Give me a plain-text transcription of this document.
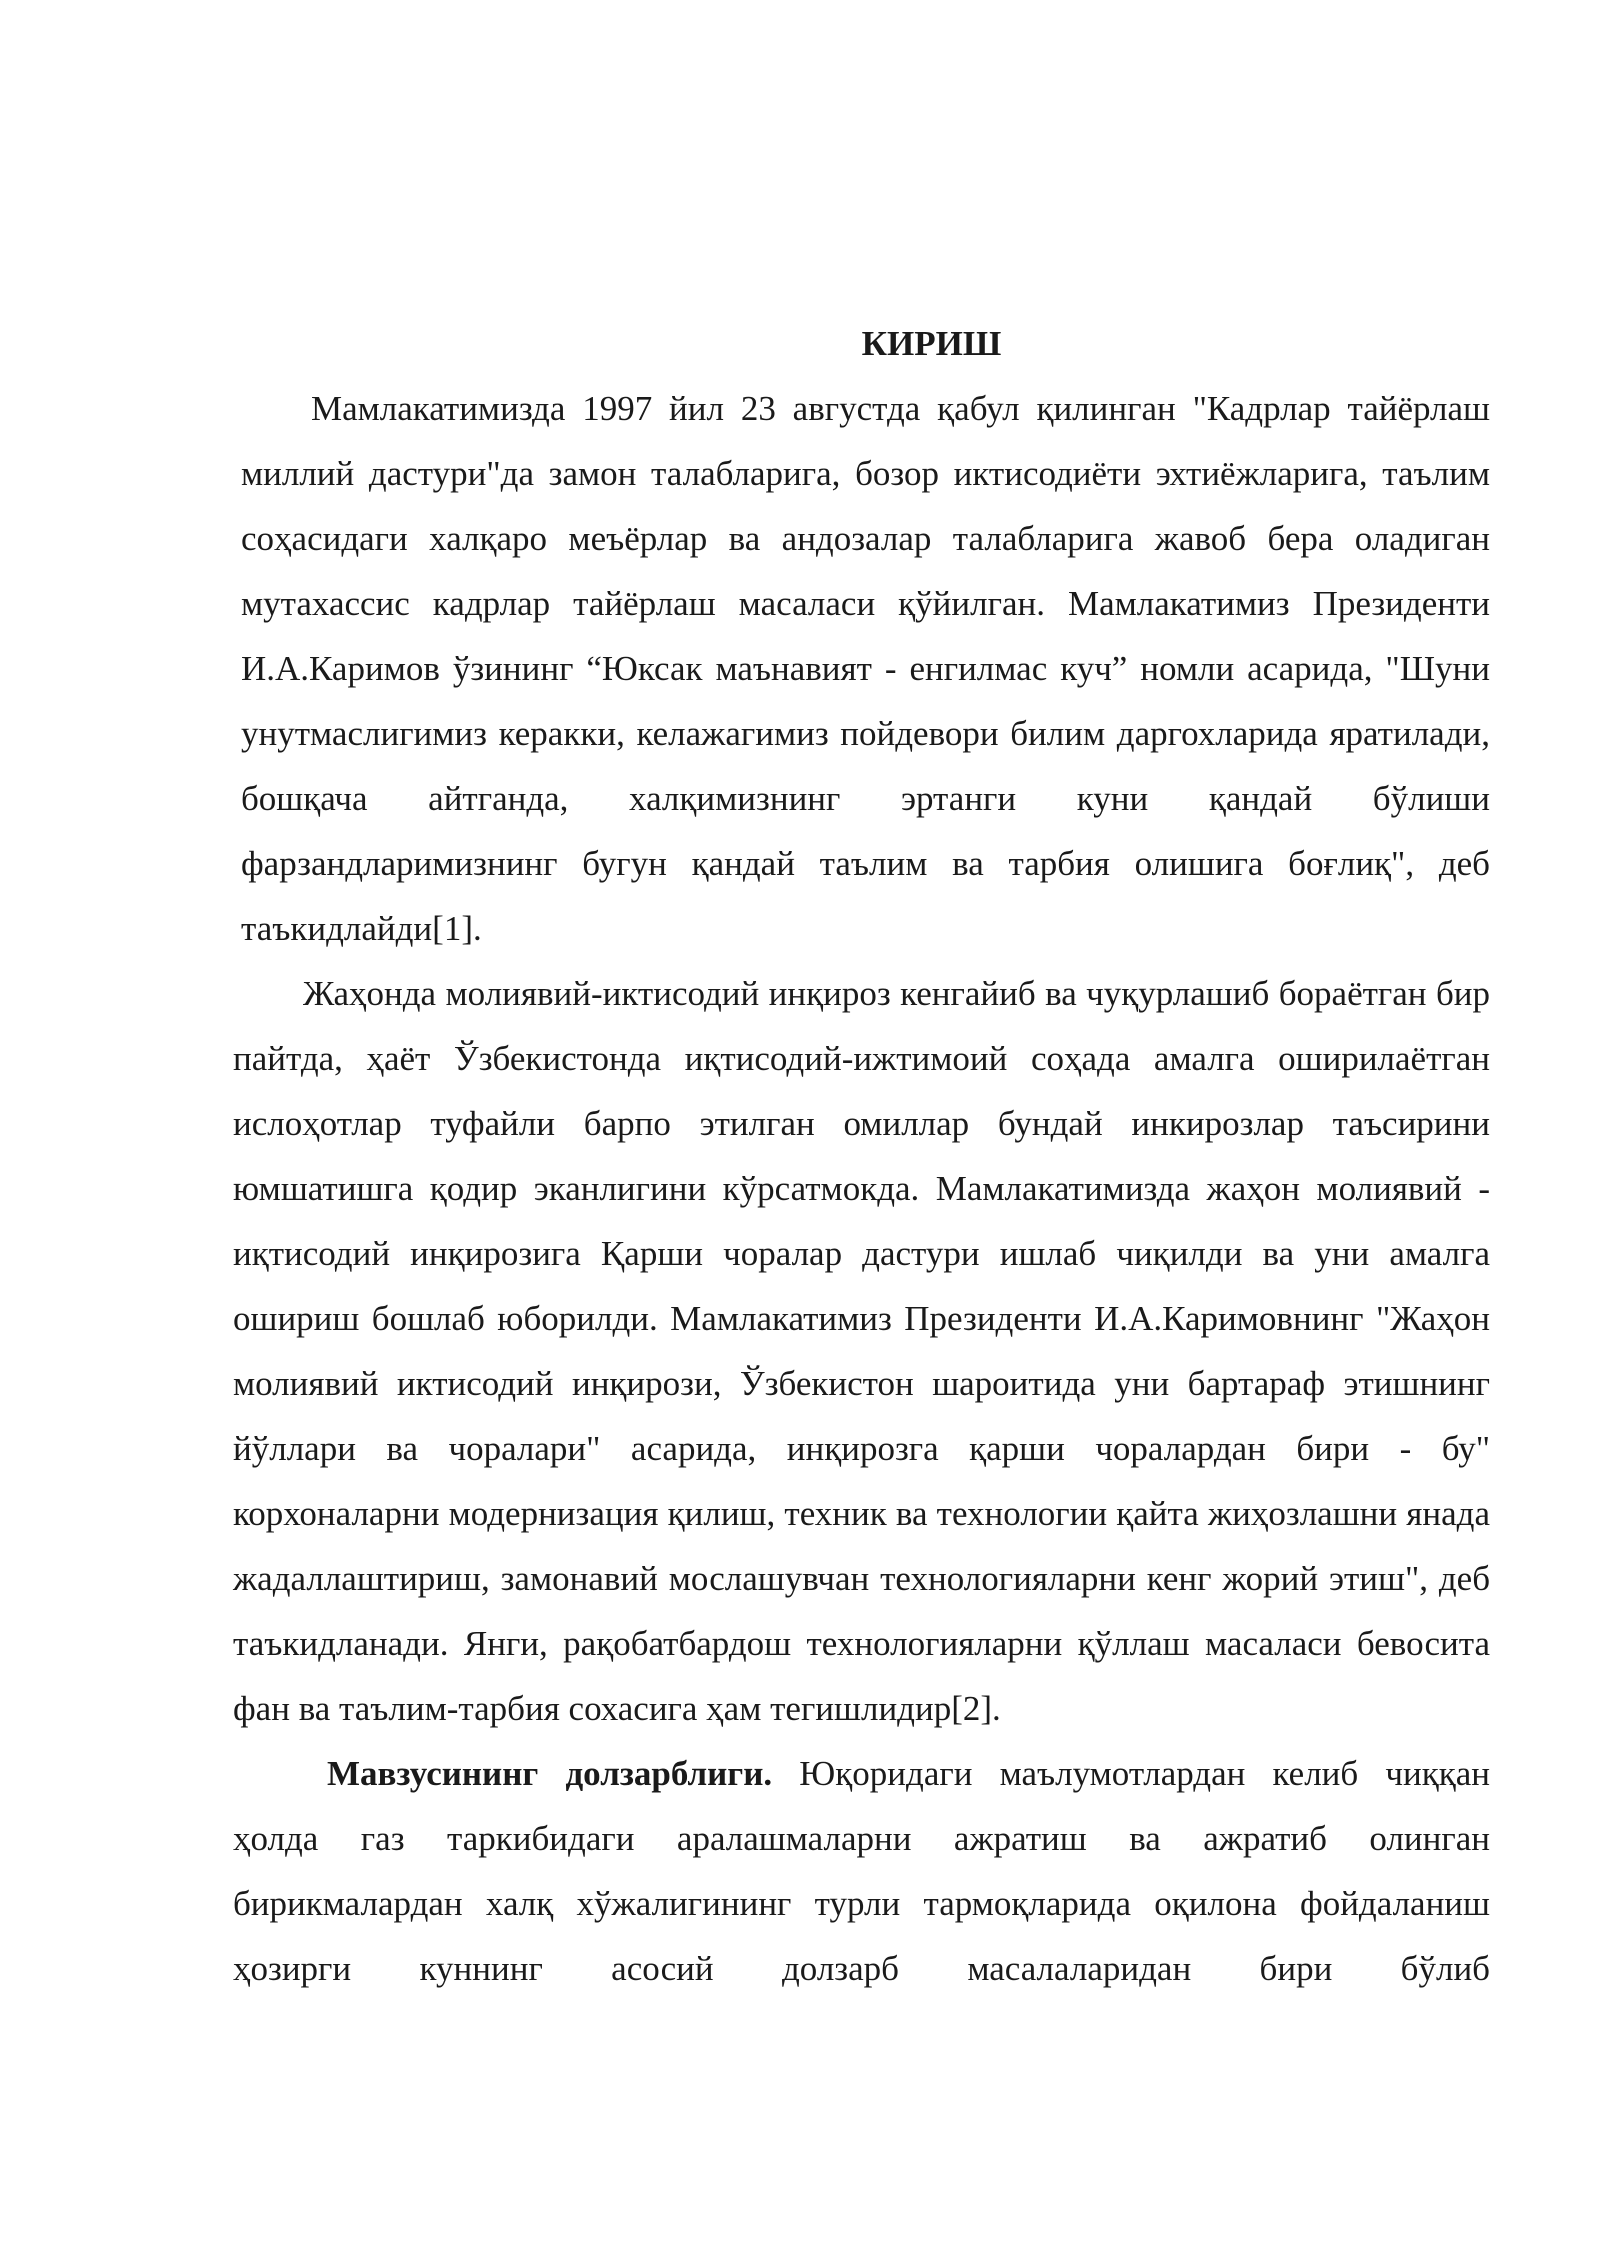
КИРИШ

Мамлакатимизда 1997 йил 23 августда қабул қилинган "Кадрлар тайёрлаш миллий дастури"да замон талабларига, бозор иктисодиёти эхтиёжларига, таълим соҳасидаги халқаро меъёрлар ва андозалар талабларига жавоб бера оладиган мутахассис кадрлар тайёрлаш масаласи қўйилган. Мамлакатимиз Президенти И.А.Каримов ўзининг “Юксак маънавият - енгилмас куч” номли асарида, "Шуни унутмаслигимиз керакки, келажагимиз пойдевори билим даргохларида яратилади, бошқача айтганда, халқимизнинг эртанги куни қандай бўлиши фарзандларимизнинг бугун қандай таълим ва тарбия олишига боғлиқ", деб таъкидлайди[1].

Жаҳонда молиявий-иктисодий инқироз кенгайиб ва чуқурлашиб бораётган бир пайтда, ҳаёт Ўзбекистонда иқтисодий-ижтимоий соҳада амалга оширилаётган ислоҳотлар туфайли барпо этилган омиллар бундай инкирозлар таъсирини юмшатишга қодир эканлигини кўрсатмокда. Мамлакатимизда жаҳон молиявий - иқтисодий инқирозига Қарши чоралар дастури ишлаб чиқилди ва уни амалга ошириш бошлаб юборилди. Мамлакатимиз Президенти И.А.Каримовнинг "Жаҳон молиявий иктисодий инқирози, Ўзбекистон шароитида уни бартараф этишнинг йўллари ва чоралари" асарида, инқирозга қарши чоралардан бири - бу" корхоналарни модернизация қилиш, техник ва технологии қайта жиҳозлашни янада жадаллаштириш, замонавий мослашувчан технологияларни кенг жорий этиш", деб таъкидланади. Янги, рақобатбардош технологияларни қўллаш масаласи бевосита фан ва таълим-тарбия сохасига ҳам тегишлидир[2].

Мавзусининг долзарблиги. Юқоридаги маълумотлардан келиб чиққан ҳолда газ таркибидаги аралашмаларни ажратиш ва ажратиб олинган бирикмалардан халқ хўжалигининг турли тармоқларида оқилона фойдаланиш ҳозирги куннинг асосий долзарб масалаларидан бири бўлиб
